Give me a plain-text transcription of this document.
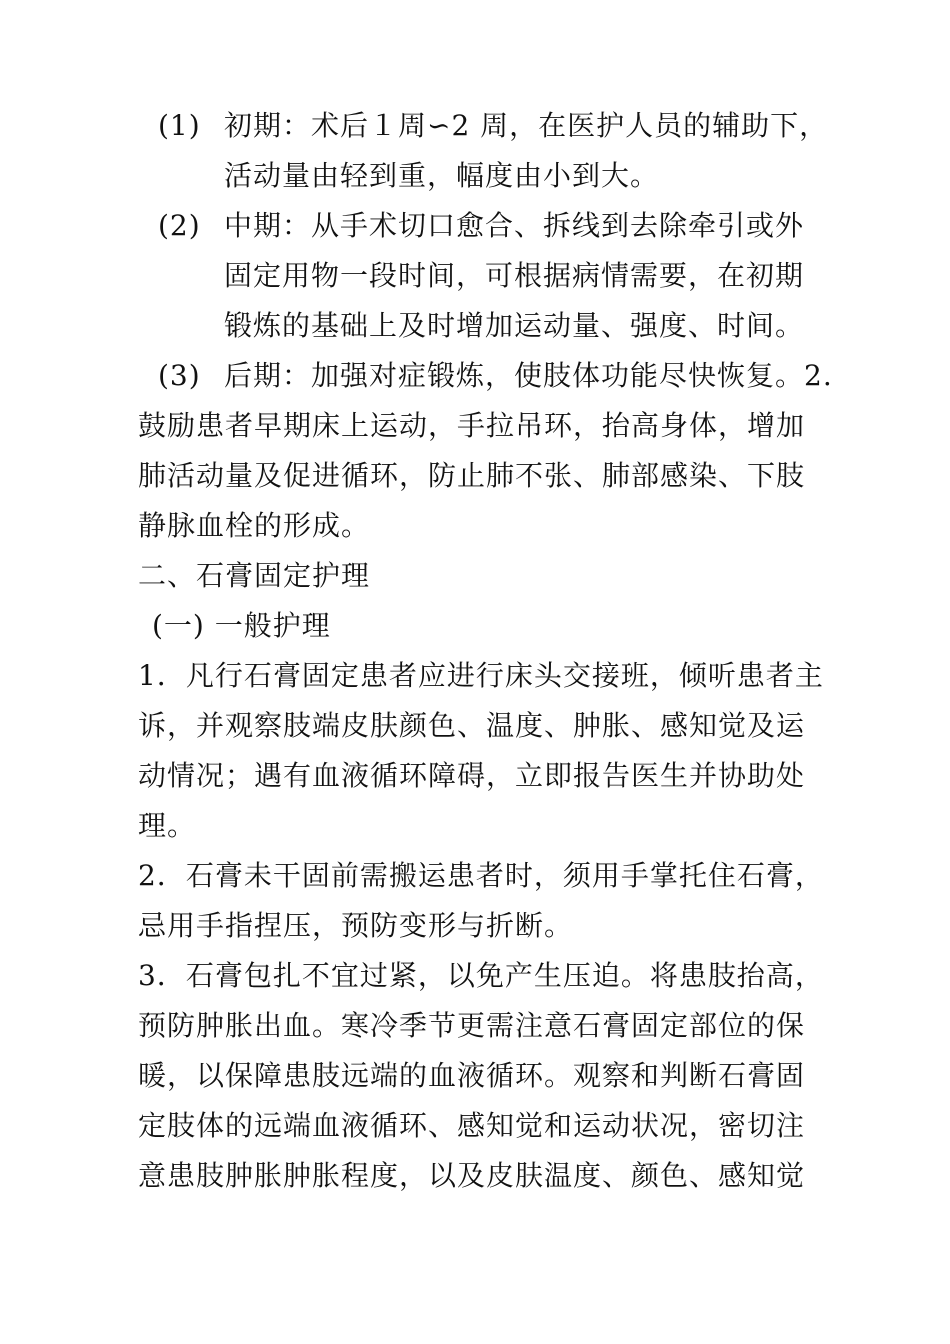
(1) 初期：术后１周∽2 周，在医护人员的辅助下，
活动量由轻到重，幅度由小到大。
(2) 中期：从手术切口愈合、拆线到去除牵引或外
固定用物一段时间，可根据病情需要，在初期
锻炼的基础上及时增加运动量、强度、时间。
(3) 后期：加强对症锻炼，使肢体功能尽快恢复。2.
鼓励患者早期床上运动，手拉吊环，抬高身体，增加
肺活动量及促进循环，防止肺不张、肺部感染、下肢
静脉血栓的形成。
二、石膏固定护理
(一) 一般护理
1．凡行石膏固定患者应进行床头交接班，倾听患者主
诉，并观察肢端皮肤颜色、温度、肿胀、感知觉及运
动情况；遇有血液循环障碍，立即报告医生并协助处
理。
2．石膏未干固前需搬运患者时，须用手掌托住石膏，
忌用手指捏压，预防变形与折断。
3．石膏包扎不宜过紧，以免产生压迫。将患肢抬高，
预防肿胀出血。寒冷季节更需注意石膏固定部位的保
暖，以保障患肢远端的血液循环。观察和判断石膏固
定肢体的远端血液循环、感知觉和运动状况，密切注
意患肢肿胀肿胀程度，以及皮肤温度、颜色、感知觉
